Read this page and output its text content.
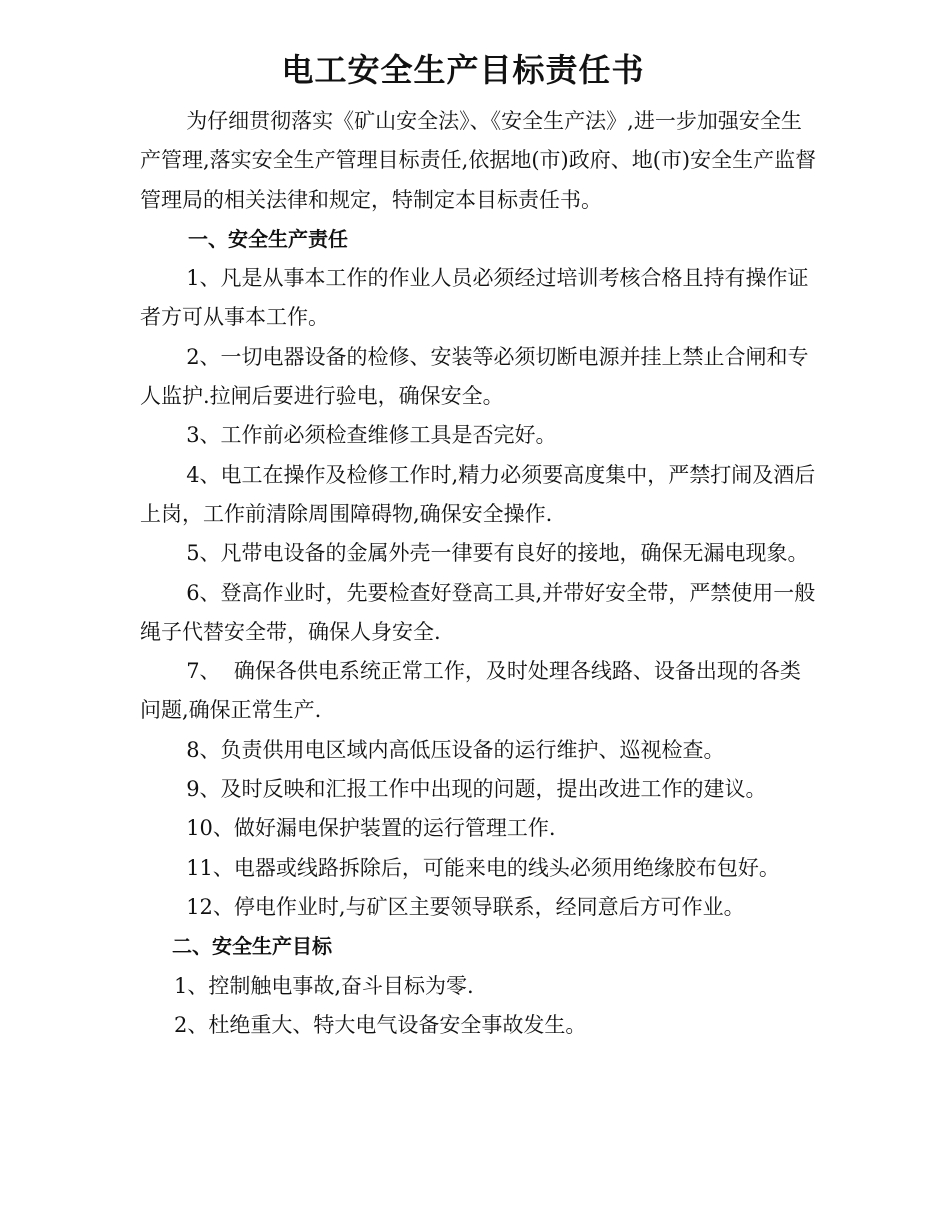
电工安全生产目标责任书

为仔细贯彻落实《矿山安全法》、《安全生产法》,进一步加强安全生产管理,落实安全生产管理目标责任,依据地(市)政府、地(市)安全生产监督管理局的相关法律和规定，特制定本目标责任书。

一、安全生产责任

1、凡是从事本工作的作业人员必须经过培训考核合格且持有操作证者方可从事本工作。

2、一切电器设备的检修、安装等必须切断电源并挂上禁止合闸和专人监护.拉闸后要进行验电，确保安全。

3、工作前必须检查维修工具是否完好。

4、电工在操作及检修工作时,精力必须要高度集中，严禁打闹及酒后上岗，工作前清除周围障碍物,确保安全操作.

5、凡带电设备的金属外壳一律要有良好的接地，确保无漏电现象。

6、登高作业时，先要检查好登高工具,并带好安全带，严禁使用一般绳子代替安全带，确保人身安全.

7、  确保各供电系统正常工作，及时处理各线路、设备出现的各类问题,确保正常生产.

8、负责供用电区域内高低压设备的运行维护、巡视检查。

9、及时反映和汇报工作中出现的问题，提出改进工作的建议。

10、做好漏电保护装置的运行管理工作.

11、电器或线路拆除后，可能来电的线头必须用绝缘胶布包好。

12、停电作业时,与矿区主要领导联系，经同意后方可作业。

二、安全生产目标

1、控制触电事故,奋斗目标为零.

2、杜绝重大、特大电气设备安全事故发生。
